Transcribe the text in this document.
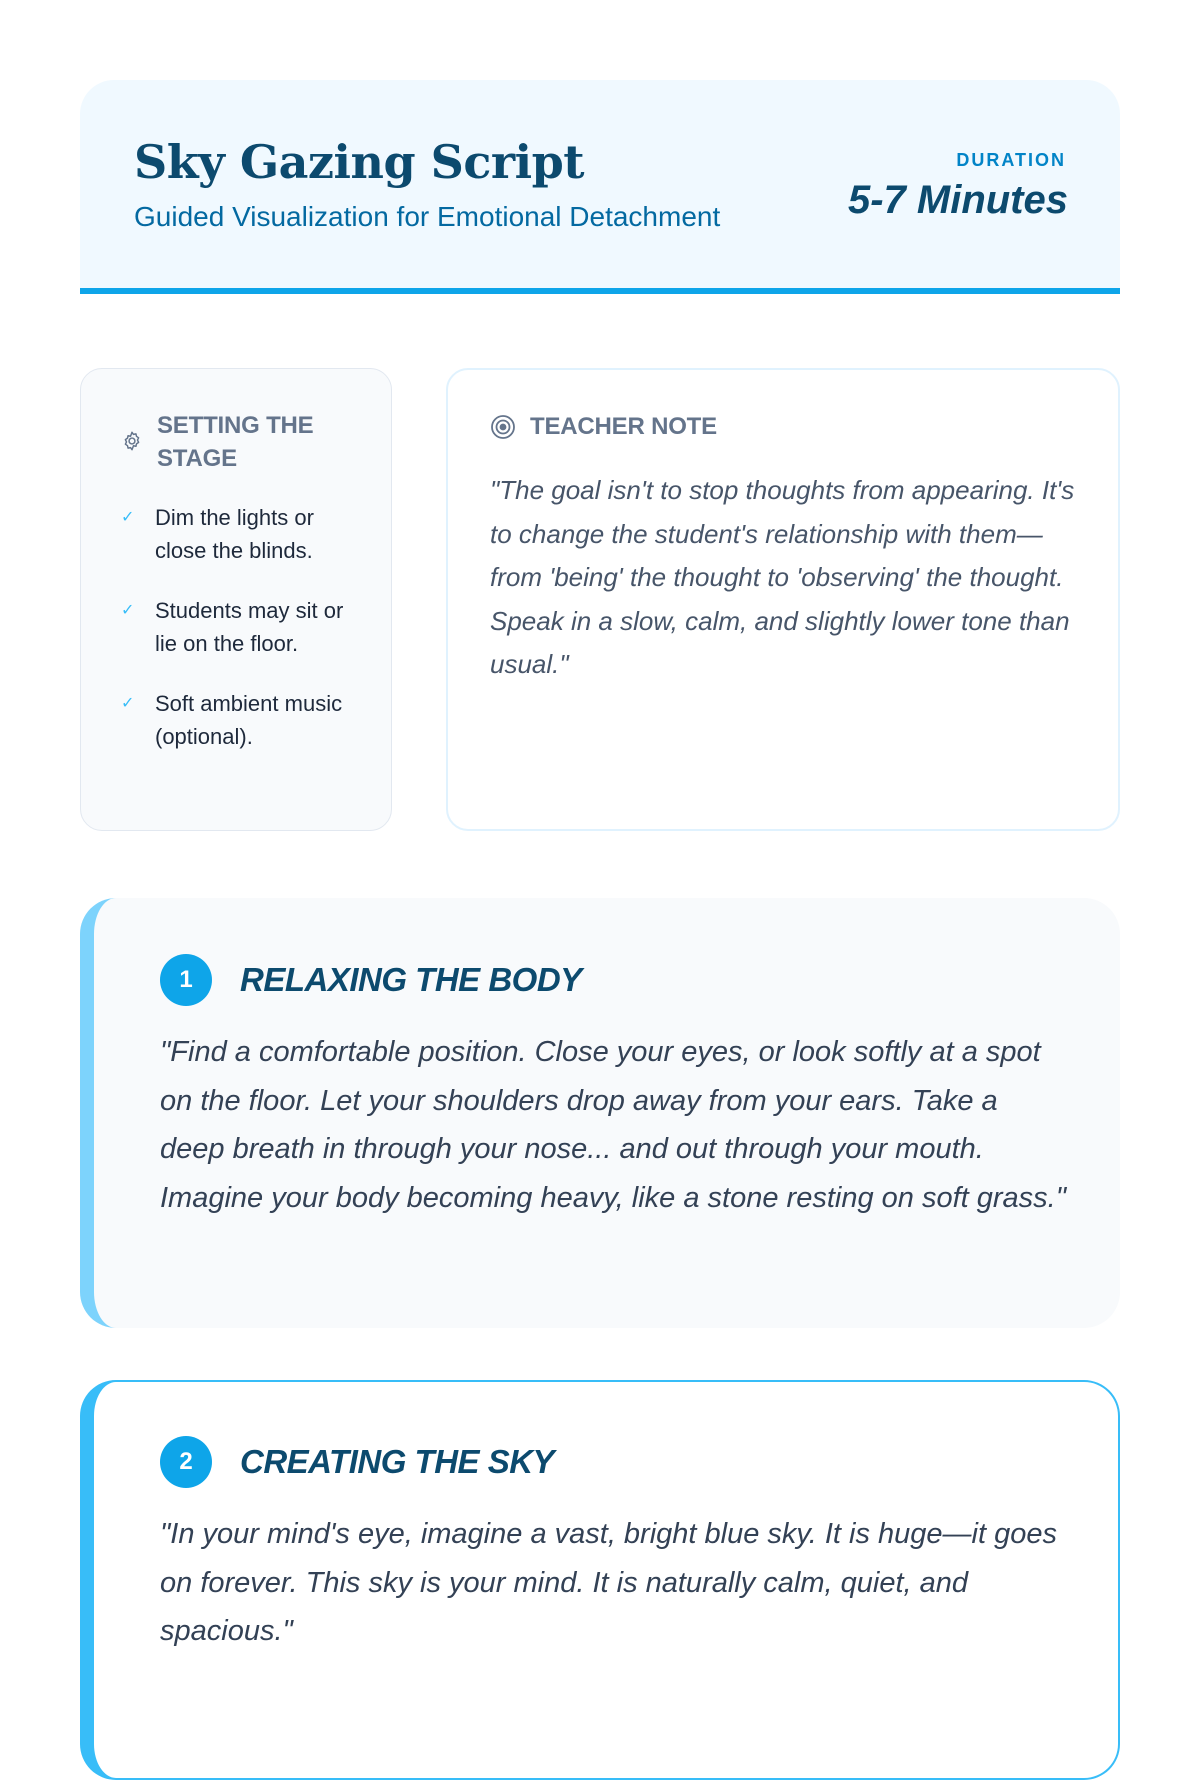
Sky Gazing Script
Guided Visualization for Emotional Detachment
DURATION
5-7 Minutes
SETTING THE STAGE
✓ Dim the lights or close the blinds.
✓ Students may sit or lie on the floor.
✓ Soft ambient music (optional).
TEACHER NOTE
"The goal isn't to stop thoughts from appearing. It's to change the student's relationship with them—from 'being' the thought to 'observing' the thought. Speak in a slow, calm, and slightly lower tone than usual."
1	RELAXING THE BODY
"Find a comfortable position. Close your eyes, or look softly at a spot on the floor. Let your shoulders drop away from your ears. Take a deep breath in through your nose... and out through your mouth. Imagine your body becoming heavy, like a stone resting on soft grass."
2	CREATING THE SKY
"In your mind's eye, imagine a vast, bright blue sky. It is huge—it goes on forever. This sky is your mind. It is naturally calm, quiet, and spacious."
